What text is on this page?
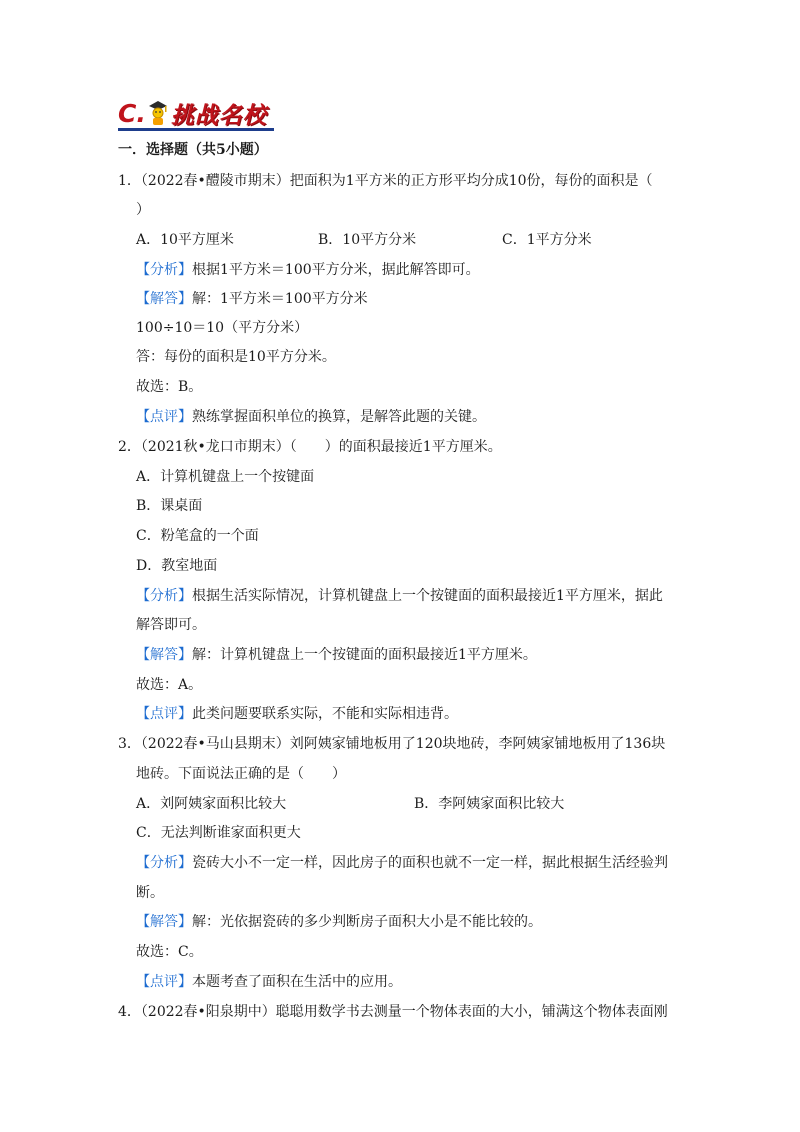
C. 挑战名校
一．选择题（共5小题）
1．（2022春•醴陵市期末）把面积为1平方米的正方形平均分成10份，每份的面积是（
）
A．10平方厘米	B．10平方分米	C．1平方分米
【分析】根据1平方米＝100平方分米，据此解答即可。
【解答】解：1平方米＝100平方分米
100÷10＝10（平方分米）
答：每份的面积是10平方分米。
故选：B。
【点评】熟练掌握面积单位的换算，是解答此题的关键。
2．（2021秋•龙口市期末）（　　）的面积最接近1平方厘米。
A．计算机键盘上一个按键面
B．课桌面
C．粉笔盒的一个面
D．教室地面
【分析】根据生活实际情况，计算机键盘上一个按键面的面积最接近1平方厘米，据此
解答即可。
【解答】解：计算机键盘上一个按键面的面积最接近1平方厘米。
故选：A。
【点评】此类问题要联系实际，不能和实际相违背。
3．（2022春•马山县期末）刘阿姨家铺地板用了120块地砖，李阿姨家铺地板用了136块
地砖。下面说法正确的是（　　）
A．刘阿姨家面积比较大	B．李阿姨家面积比较大
C．无法判断谁家面积更大
【分析】瓷砖大小不一定一样，因此房子的面积也就不一定一样，据此根据生活经验判
断。
【解答】解：光依据瓷砖的多少判断房子面积大小是不能比较的。
故选：C。
【点评】本题考查了面积在生活中的应用。
4．（2022春•阳泉期中）聪聪用数学书去测量一个物体表面的大小，铺满这个物体表面刚
